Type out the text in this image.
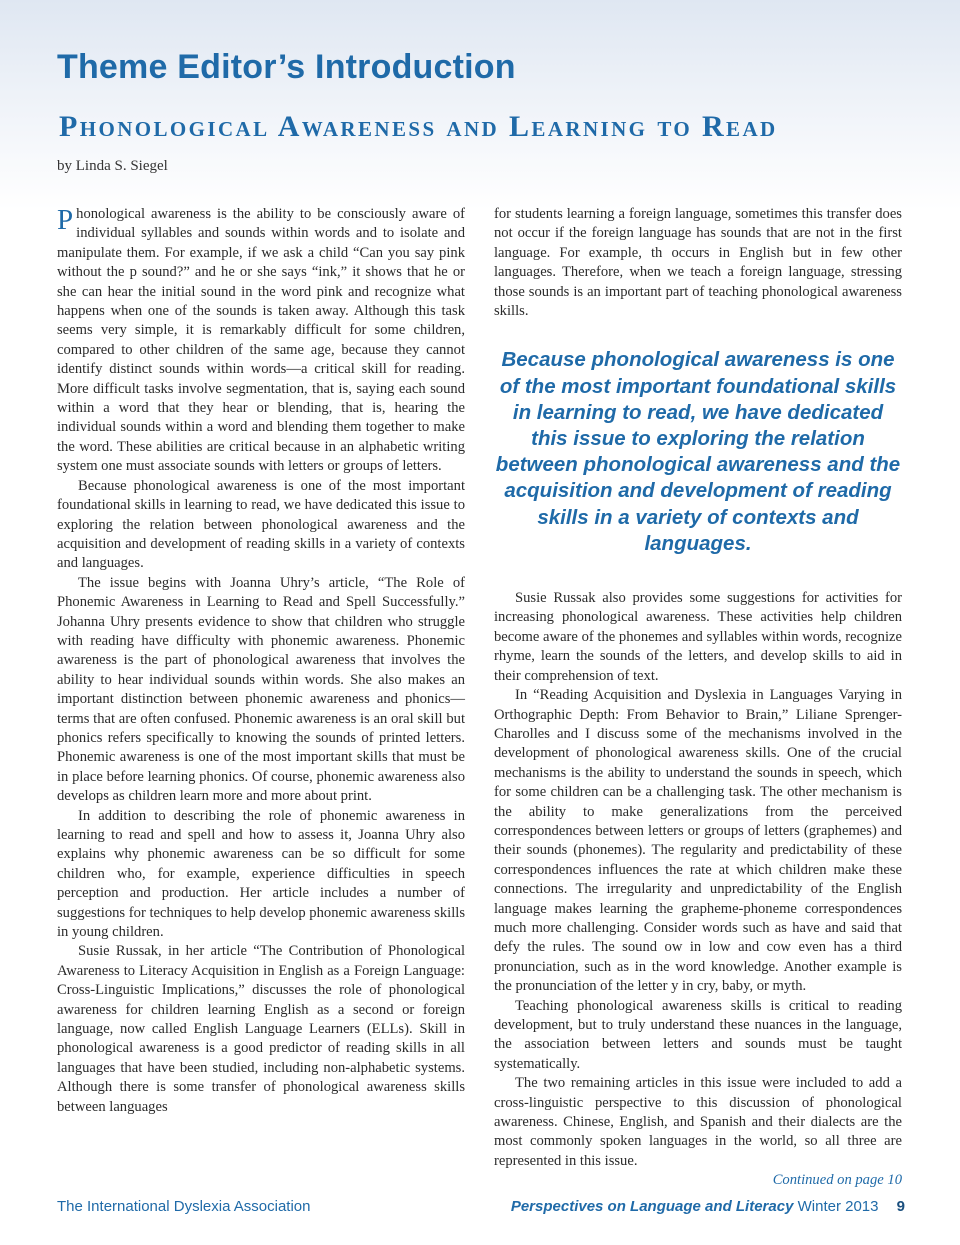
Theme Editor’s Introduction
Phonological Awareness and Learning to Read

by Linda S. Siegel

Phonological awareness is the ability to be consciously aware of individual syllables and sounds within words and to isolate and manipulate them. For example, if we ask a child “Can you say pink without the p sound?” and he or she says “ink,” it shows that he or she can hear the initial sound in the word pink and recognize what happens when one of the sounds is taken away. Although this task seems very simple, it is remarkably difficult for some children, compared to other children of the same age, because they cannot identify distinct sounds within words—a critical skill for reading. More difficult tasks involve segmentation, that is, saying each sound within a word that they hear or blending, that is, hearing the individual sounds within a word and blending them together to make the word. These abilities are critical because in an alphabetic writing system one must associate sounds with letters or groups of letters.

Because phonological awareness is one of the most important foundational skills in learning to read, we have dedicated this issue to exploring the relation between phonological awareness and the acquisition and development of reading skills in a variety of contexts and languages.

The issue begins with Joanna Uhry’s article, “The Role of Phonemic Awareness in Learning to Read and Spell Successfully.” Johanna Uhry presents evidence to show that children who struggle with reading have difficulty with phonemic awareness. Phonemic awareness is the part of phonological awareness that involves the ability to hear individual sounds within words. She also makes an important distinction between phonemic awareness and phonics—terms that are often confused. Phonemic awareness is an oral skill but phonics refers specifically to knowing the sounds of printed letters. Phonemic awareness is one of the most important skills that must be in place before learning phonics. Of course, phonemic awareness also develops as children learn more and more about print.

In addition to describing the role of phonemic awareness in learning to read and spell and how to assess it, Joanna Uhry also explains why phonemic awareness can be so difficult for some children who, for example, experience difficulties in speech perception and production. Her article includes a number of suggestions for techniques to help develop phonemic awareness skills in young children.

Susie Russak, in her article “The Contribution of Phonological Awareness to Literacy Acquisition in English as a Foreign Language: Cross-Linguistic Implications,” discusses the role of phonological awareness for children learning English as a second or foreign language, now called English Language Learners (ELLs). Skill in phonological awareness is a good predictor of reading skills in all languages that have been studied, including non-alphabetic systems. Although there is some transfer of phonological awareness skills between languages

for students learning a foreign language, sometimes this transfer does not occur if the foreign language has sounds that are not in the first language. For example, th occurs in English but in few other languages. Therefore, when we teach a foreign language, stressing those sounds is an important part of teaching phonological awareness skills.

Because phonological awareness is one of the most important foundational skills in learning to read, we have dedicated this issue to exploring the relation between phonological awareness and the acquisition and development of reading skills in a variety of contexts and languages.

Susie Russak also provides some suggestions for activities for increasing phonological awareness. These activities help children become aware of the phonemes and syllables within words, recognize rhyme, learn the sounds of the letters, and develop skills to aid in their comprehension of text.

In “Reading Acquisition and Dyslexia in Languages Varying in Orthographic Depth: From Behavior to Brain,” Liliane Sprenger-Charolles and I discuss some of the mechanisms involved in the development of phonological awareness skills. One of the crucial mechanisms is the ability to understand the sounds in speech, which for some children can be a challenging task. The other mechanism is the ability to make generalizations from the perceived correspondences between letters or groups of letters (graphemes) and their sounds (phonemes). The regularity and predictability of these correspondences influences the rate at which children make these connections. The irregularity and unpredictability of the English language makes learning the grapheme-phoneme correspondences much more challenging. Consider words such as have and said that defy the rules. The sound ow in low and cow even has a third pronunciation, such as in the word knowledge. Another example is the pronunciation of the letter y in cry, baby, or myth.

Teaching phonological awareness skills is critical to reading development, but to truly understand these nuances in the language, the association between letters and sounds must be taught systematically.

The two remaining articles in this issue were included to add a cross-linguistic perspective to this discussion of phonological awareness. Chinese, English, and Spanish and their dialects are the most commonly spoken languages in the world, so all three are represented in this issue.

Continued on page 10
The International Dyslexia Association	Perspectives on Language and Literacy Winter 2013 9
